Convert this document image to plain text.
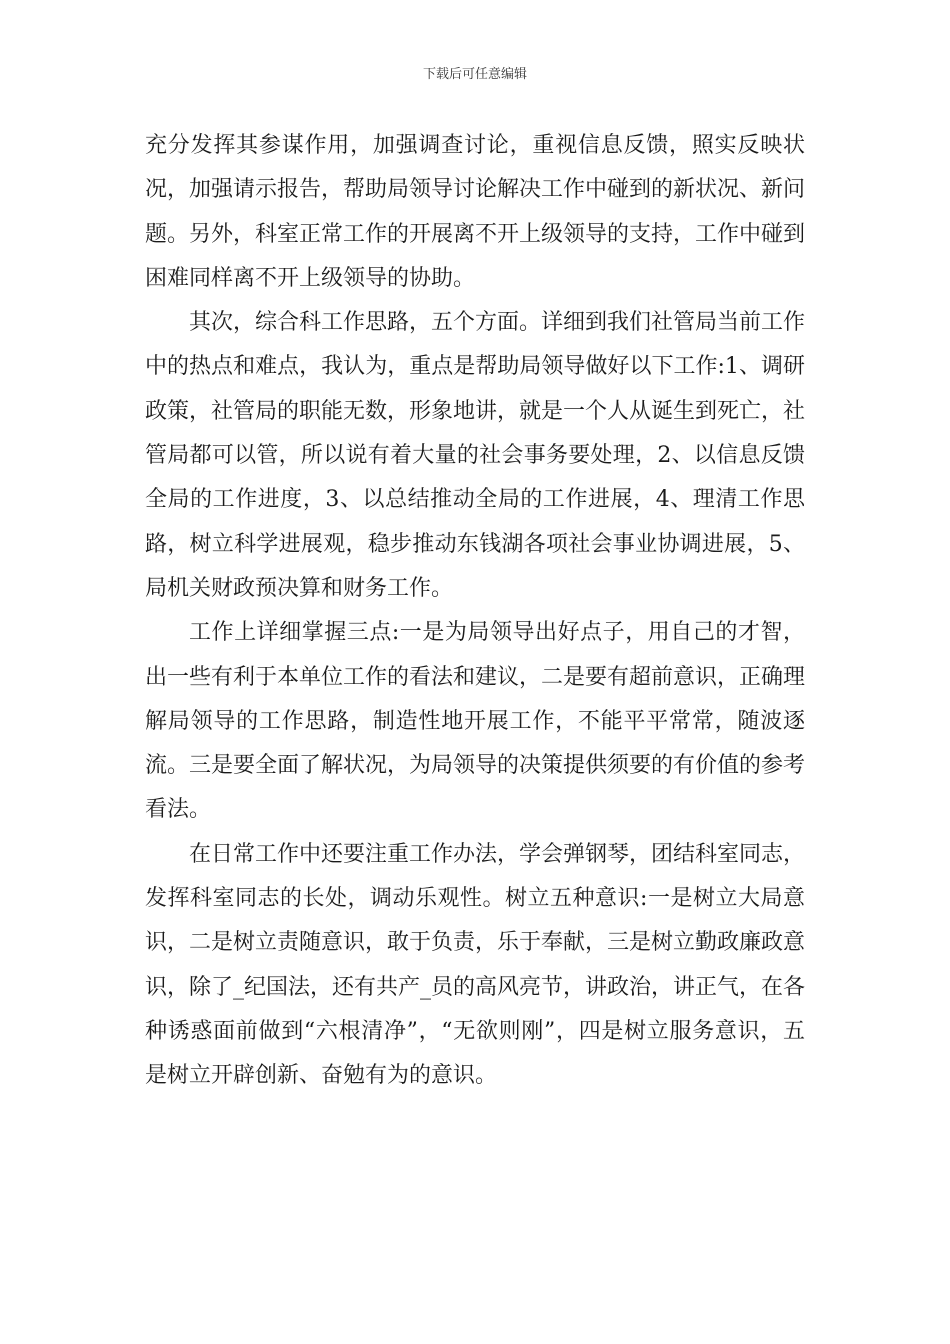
下载后可任意编辑

充分发挥其参谋作用，加强调查讨论，重视信息反馈，照实反映状况，加强请示报告，帮助局领导讨论解决工作中碰到的新状况、新问题。另外，科室正常工作的开展离不开上级领导的支持，工作中碰到困难同样离不开上级领导的协助。

其次，综合科工作思路，五个方面。详细到我们社管局当前工作中的热点和难点，我认为，重点是帮助局领导做好以下工作:1、调研政策，社管局的职能无数，形象地讲，就是一个人从诞生到死亡，社管局都可以管，所以说有着大量的社会事务要处理，2、以信息反馈全局的工作进度，3、以总结推动全局的工作进展，4、理清工作思路，树立科学进展观，稳步推动东钱湖各项社会事业协调进展，5、局机关财政预决算和财务工作。

工作上详细掌握三点:一是为局领导出好点子，用自己的才智，出一些有利于本单位工作的看法和建议，二是要有超前意识，正确理解局领导的工作思路，制造性地开展工作，不能平平常常，随波逐流。三是要全面了解状况，为局领导的决策提供须要的有价值的参考看法。

在日常工作中还要注重工作办法，学会弹钢琴，团结科室同志，发挥科室同志的长处，调动乐观性。树立五种意识:一是树立大局意识，二是树立责随意识，敢于负责，乐于奉献，三是树立勤政廉政意识，除了_纪国法，还有共产_员的高风亮节，讲政治，讲正气，在各种诱惑面前做到“六根清净”，“无欲则刚”，四是树立服务意识，五是树立开辟创新、奋勉有为的意识。
